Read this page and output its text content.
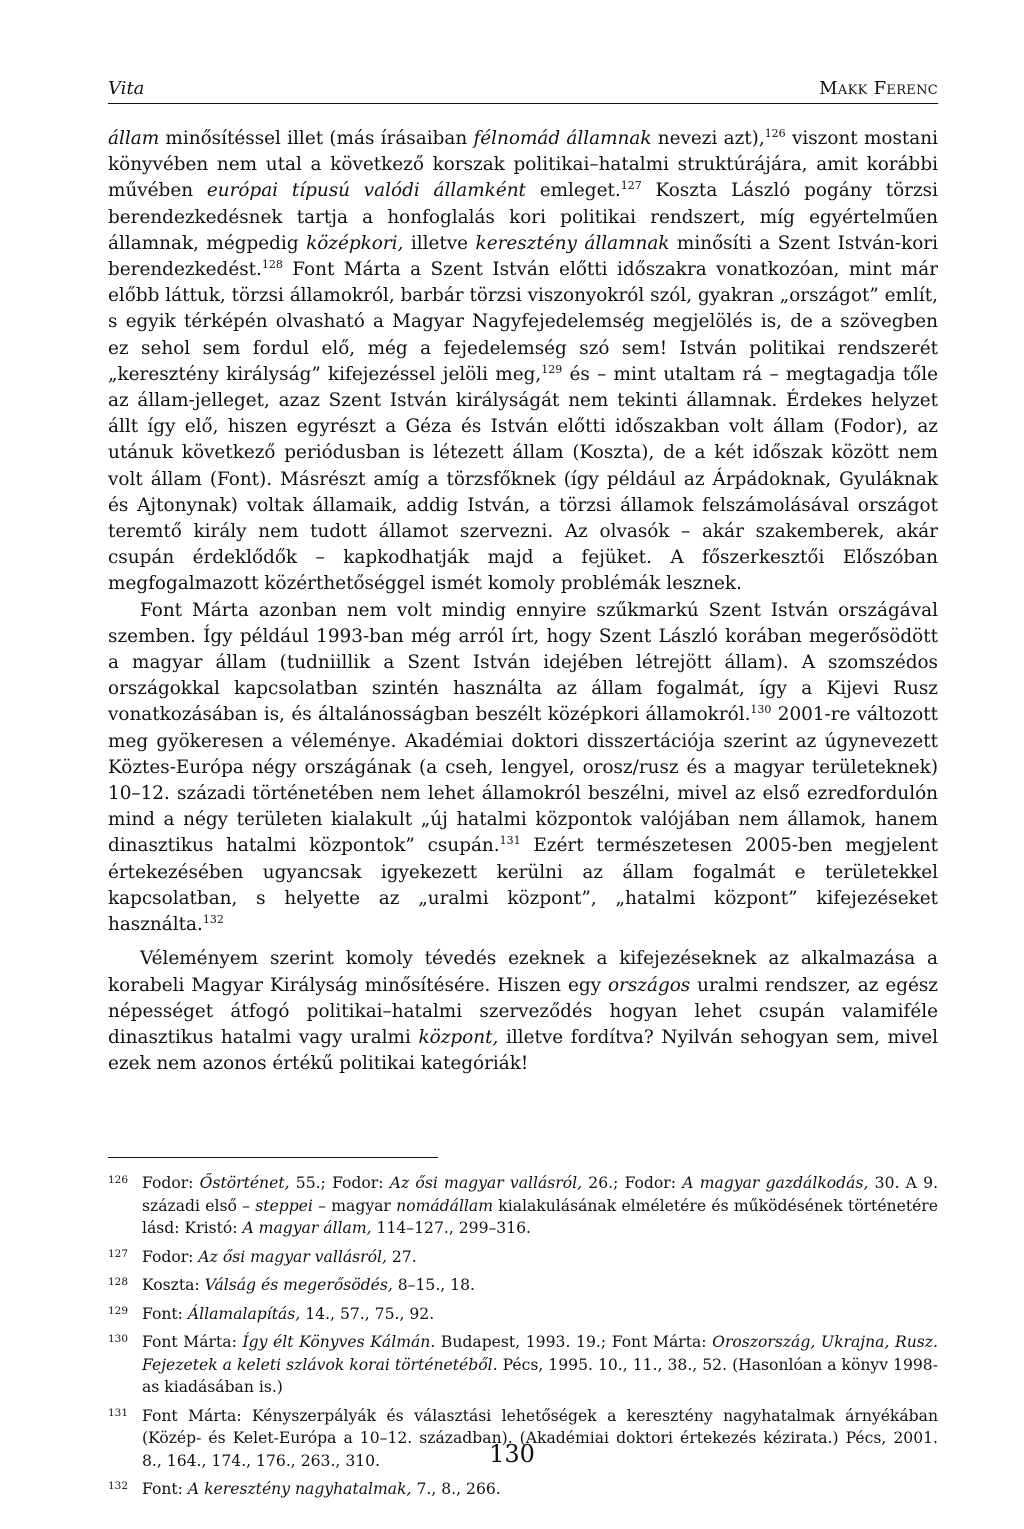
Vita	Makk Ferenc

állam minősítéssel illet (más írásaiban félnomád államnak nevezi azt),$^{126}$ viszont mostani könyvében nem utal a következő korszak politikai–hatalmi struktúrájára, amit korábbi művében európai típusú valódi államként emleget.$^{127}$ Koszta László pogány törzsi berendezkedésnek tartja a honfoglalás kori politikai rendszert, míg egyértelműen államnak, mégpedig középkori, illetve keresztény államnak minősíti a Szent István-kori berendezkedést.$^{128}$ Font Márta a Szent István előtti időszakra vonatkozóan, mint már előbb láttuk, törzsi államokról, barbár törzsi viszonyokról szól, gyakran „országot” említ, s egyik térképén olvasható a Magyar Nagyfejedelemség megjelölés is, de a szövegben ez sehol sem fordul elő, még a fejedelemség szó sem! István politikai rendszerét „keresztény királyság” kifejezéssel jelöli meg,$^{129}$ és – mint utaltam rá – megtagadja tőle az állam-jelleget, azaz Szent István királyságát nem tekinti államnak. Érdekes helyzet állt így elő, hiszen egyrészt a Géza és István előtti időszakban volt állam (Fodor), az utánuk következő periódusban is létezett állam (Koszta), de a két időszak között nem volt állam (Font). Másrészt amíg a törzsfőknek (így például az Árpádoknak, Gyuláknak és Ajtonynak) voltak államaik, addig István, a törzsi államok felszámolásával országot teremtő király nem tudott államot szervezni. Az olvasók – akár szakemberek, akár csupán érdeklődők – kapkodhatják majd a fejüket. A főszerkesztői Előszóban megfogalmazott közérthetőséggel ismét komoly problémák lesznek.

Font Márta azonban nem volt mindig ennyire szűkmarkú Szent István országával szemben. Így például 1993-ban még arról írt, hogy Szent László korában megerősödött a magyar állam (tudniillik a Szent István idejében létrejött állam). A szomszédos országokkal kapcsolatban szintén használta az állam fogalmát, így a Kijevi Rusz vonatkozásában is, és általánosságban beszélt középkori államokról.$^{130}$ 2001-re változott meg gyökeresen a véleménye. Akadémiai doktori disszertációja szerint az úgynevezett Köztes-Európa négy országának (a cseh, lengyel, orosz/rusz és a magyar területeknek) 10–12. századi történetében nem lehet államokról beszélni, mivel az első ezredfordulón mind a négy területen kialakult „új hatalmi központok valójában nem államok, hanem dinasztikus hatalmi központok” csupán.$^{131}$ Ezért természetesen 2005-ben megjelent értekezésében ugyancsak igyekezett kerülni az állam fogalmát e területekkel kapcsolatban, s helyette az „uralmi központ”, „hatalmi központ” kifejezéseket használta.$^{132}$

Véleményem szerint komoly tévedés ezeknek a kifejezéseknek az alkalmazása a korabeli Magyar Királyság minősítésére. Hiszen egy országos uralmi rendszer, az egész népességet átfogó politikai–hatalmi szerveződés hogyan lehet csupán valamiféle dinasztikus hatalmi vagy uralmi központ, illetve fordítva? Nyilván sehogyan sem, mivel ezek nem azonos értékű politikai kategóriák!

126 Fodor: Őstörténet, 55.; Fodor: Az ősi magyar vallásról, 26.; Fodor: A magyar gazdálkodás, 30. A 9. századi első – steppei – magyar nomádállam kialakulásának elméletére és működésének történetére lásd: Kristó: A magyar állam, 114–127., 299–316.
127 Fodor: Az ősi magyar vallásról, 27.
128 Koszta: Válság és megerősödés, 8–15., 18.
129 Font: Államalapítás, 14., 57., 75., 92.
130 Font Márta: Így élt Könyves Kálmán. Budapest, 1993. 19.; Font Márta: Oroszország, Ukrajna, Rusz. Fejezetek a keleti szlávok korai történetéből. Pécs, 1995. 10., 11., 38., 52. (Hasonlóan a könyv 1998-as kiadásában is.)
131 Font Márta: Kényszerpályák és választási lehetőségek a keresztény nagyhatalmak árnyékában (Közép- és Kelet-Európa a 10–12. században). (Akadémiai doktori értekezés kézirata.) Pécs, 2001. 8., 164., 174., 176., 263., 310.
132 Font: A keresztény nagyhatalmak, 7., 8., 266.
130
